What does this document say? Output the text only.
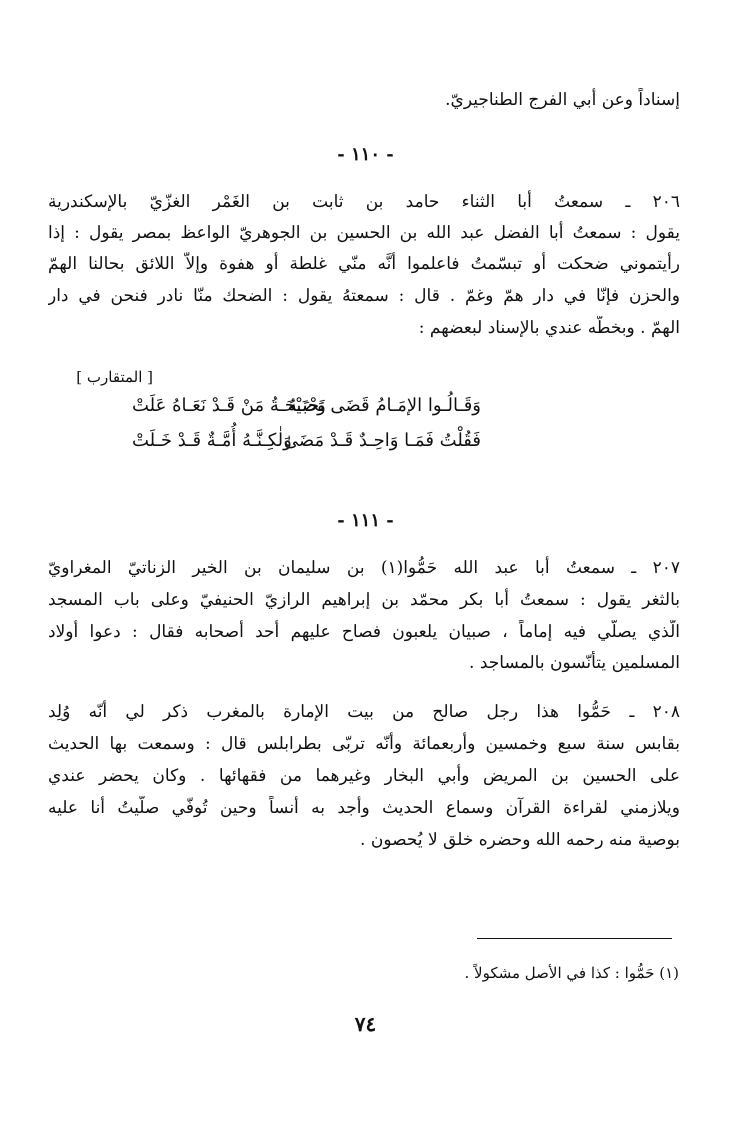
إسناداً وعن أبي الفرج الطناجيريّ.
- ١١٠ -
٢٠٦ ـ سمعتُ أبا الثناء حامد بن ثابت بن الغَمْر الغزّيّ بالإسكندرية
يقول : سمعتُ أبا الفضل عبد الله بن الحسين بن الجوهريّ الواعظ بمصر يقول : إذا
رأيتموني ضحكت أو تبسّمتُ فاعلموا أنَّه منّي غلطة أو هفوة وإلاَّ اللائق بحالنا الهمّ
والحزن فإنّا في دار همّ وغمّ . قال : سمعتهُ يقول : الضحك منّا نادر فنحن في دار
الهمّ . وبخطّه عندي بالإسناد لبعضهم :
[ المتقارب ]
وَقَـالُـوا الإمَـامُ قَضَى نَحْبَـهُ
وَصَيْحَـةُ مَنْ قَـدْ نَعَـاهُ عَلَتْ
فَقُلْتُ فَمَـا وَاحِـدٌ قَـدْ مَضَىٰ
وَلٰكِـنَّـهُ أُمَّـةٌ قَـدْ خَـلَتْ
- ١١١ -
٢٠٧ ـ سمعتُ أبا عبد الله حَمُّوا(١) بن سليمان بن الخير الزناتيّ المغراويّ
بالثغر يقول : سمعتُ أبا بكر محمّد بن إبراهيم الرازيّ الحنيفيّ وعلى باب المسجد
الّذي يصلّي فيه إماماً ، صبيان يلعبون فصاح عليهم أحد أصحابه فقال : دعوا أولاد
المسلمين يتأنّسون بالمساجد .
٢٠٨ ـ حَمُّوا هذا رجل صالح من بيت الإمارة بالمغرب ذكر لي أنّه وُلِد
بقابس سنة سبع وخمسين وأربعمائة وأنّه تربّى بطرابلس قال : وسمعت بها الحديث
على الحسين بن المريض وأبي البخار وغيرهما من فقهائها . وكان يحضر عندي
ويلازمني لقراءة القرآن وسماع الحديث وأجد به أنساً وحين تُوفّي صلّيتُ أنا عليه
بوصية منه رحمه الله وحضره خلق لا يُحصون .
(١) حَمُّوا : كذا في الأصل مشكولاً .
٧٤
